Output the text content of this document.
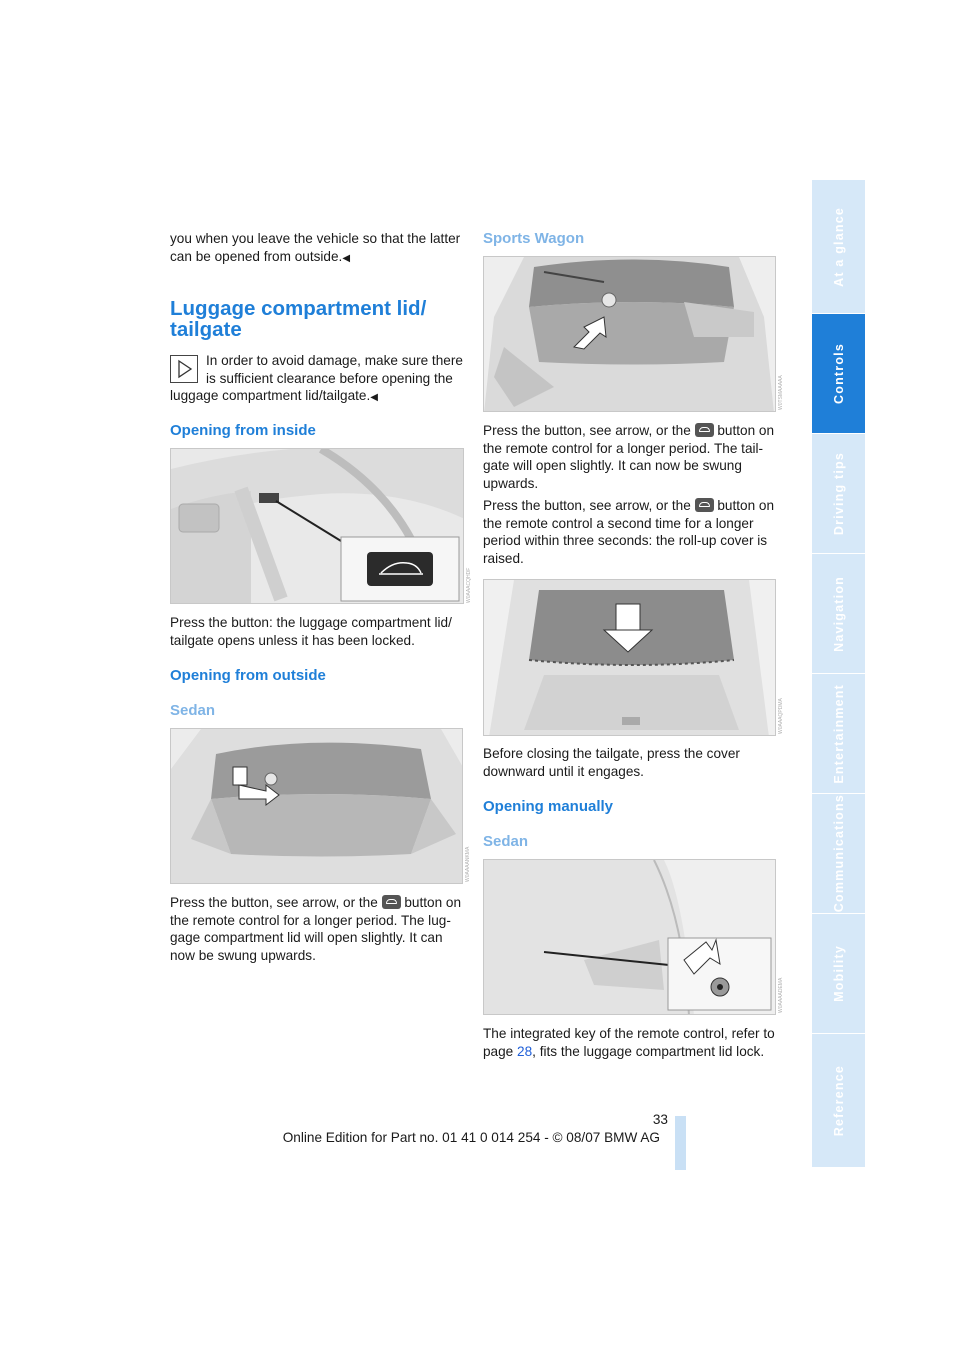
you when you leave the vehicle so that the latter can be opened from outside.◀
Luggage compartment lid/
tailgate
In order to avoid damage, make sure there
is sufficient clearance before opening the
luggage compartment lid/tailgate.◀
Opening from inside
W0AAACQHDF
Press the button: the luggage compartment lid/ tailgate opens unless it has been locked.
Opening from outside
Sedan
W0AAAANKMA
Press the button, see arrow, or the button on the remote control for a longer period. The lug- gage compartment lid will open slightly. It can now be swung upwards.
Sports Wagon
W0TSMAAAAA
Press the button, see arrow, or the button on the remote control for a longer period. The tail- gate will open slightly. It can now be swung upwards.
Press the button, see arrow, or the button on the remote control a second time for a longer period within three seconds: the roll-up cover is raised.
W0AAAQPDMA
Before closing the tailgate, press the cover downward until it engages.
Opening manually
Sedan
W0AAAADEMA
The integrated key of the remote control, refer to page 28, fits the luggage compartment lid lock.
33
Online Edition for Part no. 01 41 0 014 254 - © 08/07 BMW AG
At a glance
Controls
Driving tips
Navigation
Entertainment
Communications
Mobility
Reference
